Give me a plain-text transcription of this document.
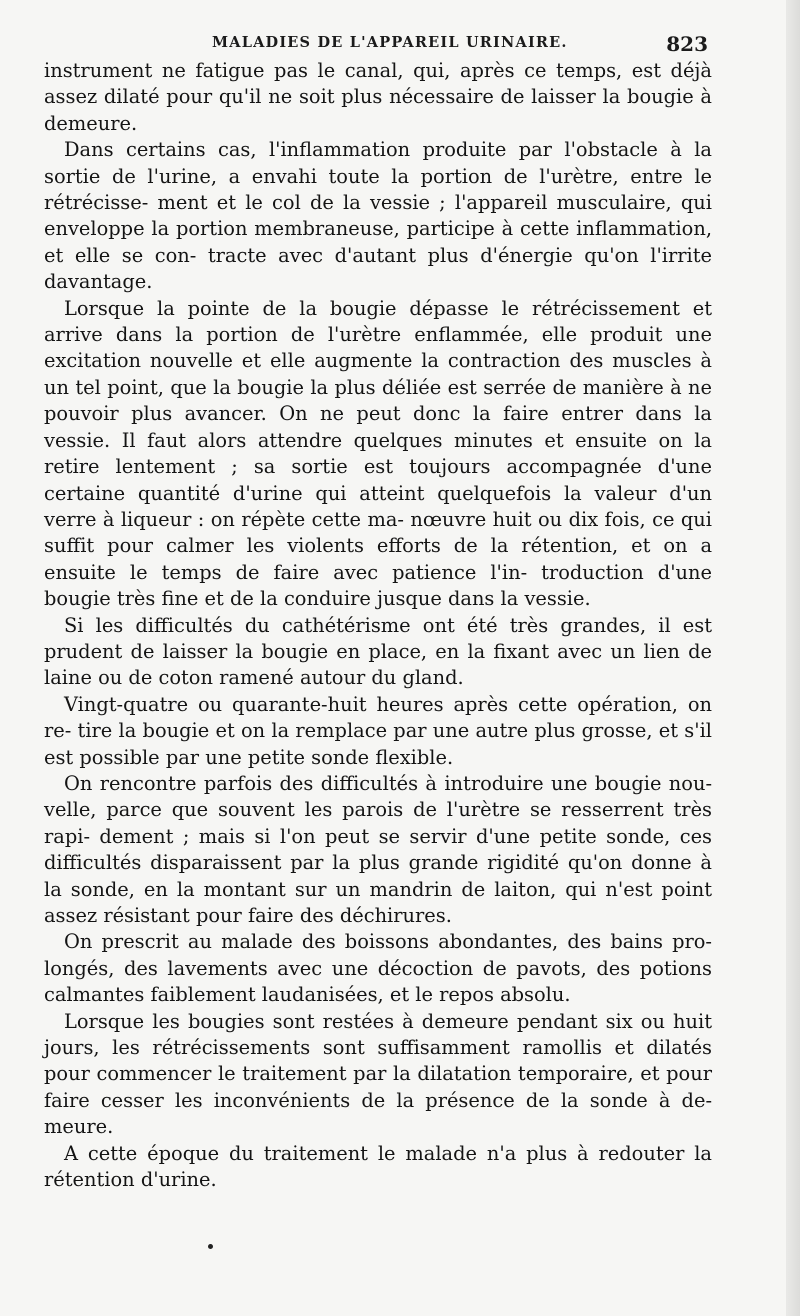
MALADIES DE L'APPAREIL URINAIRE.	823

instrument ne fatigue pas le canal, qui, après ce temps, est déjà assez dilaté pour qu'il ne soit plus nécessaire de laisser la bougie à demeure.

Dans certains cas, l'inflammation produite par l'obstacle à la sortie de l'urine, a envahi toute la portion de l'urètre, entre le rétrécisse- ment et le col de la vessie ; l'appareil musculaire, qui enveloppe la portion membraneuse, participe à cette inflammation, et elle se con- tracte avec d'autant plus d'énergie qu'on l'irrite davantage.

Lorsque la pointe de la bougie dépasse le rétrécissement et arrive dans la portion de l'urètre enflammée, elle produit une excitation nouvelle et elle augmente la contraction des muscles à un tel point, que la bougie la plus déliée est serrée de manière à ne pouvoir plus avancer. On ne peut donc la faire entrer dans la vessie. Il faut alors attendre quelques minutes et ensuite on la retire lentement ; sa sortie est toujours accompagnée d'une certaine quantité d'urine qui atteint quelquefois la valeur d'un verre à liqueur : on répète cette ma- nœuvre huit ou dix fois, ce qui suffit pour calmer les violents efforts de la rétention, et on a ensuite le temps de faire avec patience l'in- troduction d'une bougie très fine et de la conduire jusque dans la vessie.

Si les difficultés du cathétérisme ont été très grandes, il est prudent de laisser la bougie en place, en la fixant avec un lien de laine ou de coton ramené autour du gland.

Vingt-quatre ou quarante-huit heures après cette opération, on re- tire la bougie et on la remplace par une autre plus grosse, et s'il est possible par une petite sonde flexible.

On rencontre parfois des difficultés à introduire une bougie nou- velle, parce que souvent les parois de l'urètre se resserrent très rapi- dement ; mais si l'on peut se servir d'une petite sonde, ces difficultés disparaissent par la plus grande rigidité qu'on donne à la sonde, en la montant sur un mandrin de laiton, qui n'est point assez résistant pour faire des déchirures.

On prescrit au malade des boissons abondantes, des bains pro- longés, des lavements avec une décoction de pavots, des potions calmantes faiblement laudanisées, et le repos absolu.

Lorsque les bougies sont restées à demeure pendant six ou huit jours, les rétrécissements sont suffisamment ramollis et dilatés pour commencer le traitement par la dilatation temporaire, et pour faire cesser les inconvénients de la présence de la sonde à de- meure.

A cette époque du traitement le malade n'a plus à redouter la rétention d'urine.
